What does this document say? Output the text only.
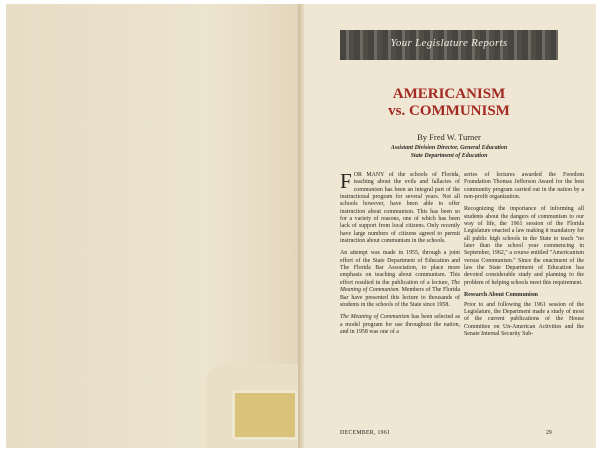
Your Legislature Reports
AMERICANISM
vs. COMMUNISM
By Fred W. Turner
Assistant Division Director, General Education
State Department of Education

FOR MANY of the schools of Florida, teaching about the evils and fallacies of communism has been an integral part of the instructional program for several years. Not all schools however, have been able to offer instruction about communism. This has been so for a variety of reasons, one of which has been lack of support from local citizens. Only recently have large numbers of citizens agreed to permit instruction about communism in the schools.

An attempt was made in 1955, through a joint effort of the State Department of Education and The Florida Bar Association, to place more emphasis on teaching about communism. This effort resulted in the publication of a lecture, The Meaning of Communism. Members of The Florida Bar have presented this lecture to thousands of students in the schools of the State since 1958.

The Meaning of Communism has been selected as a model program for use throughout the nation, and in 1958 was one of a

series of lectures awarded the Freedom Foundation Thomas Jefferson Award for the best community program carried out in the nation by a non-profit organization.

Recognizing the importance of informing all students about the dangers of communism to our way of life, the 1961 session of the Florida Legislature enacted a law making it mandatory for all public high schools in the State to teach "no later than the school year commencing in September, 1962," a course entitled "Americanism versus Communism." Since the enactment of the law the State Department of Education has devoted considerable study and planning to the problem of helping schools meet this requirement.

Research About Communism

Prior to and following the 1961 session of the Legislature, the Department made a study of most of the current publications of the House Committee on Un-American Activities and the Senate Internal Security Sub-

DECEMBER, 1961	29
